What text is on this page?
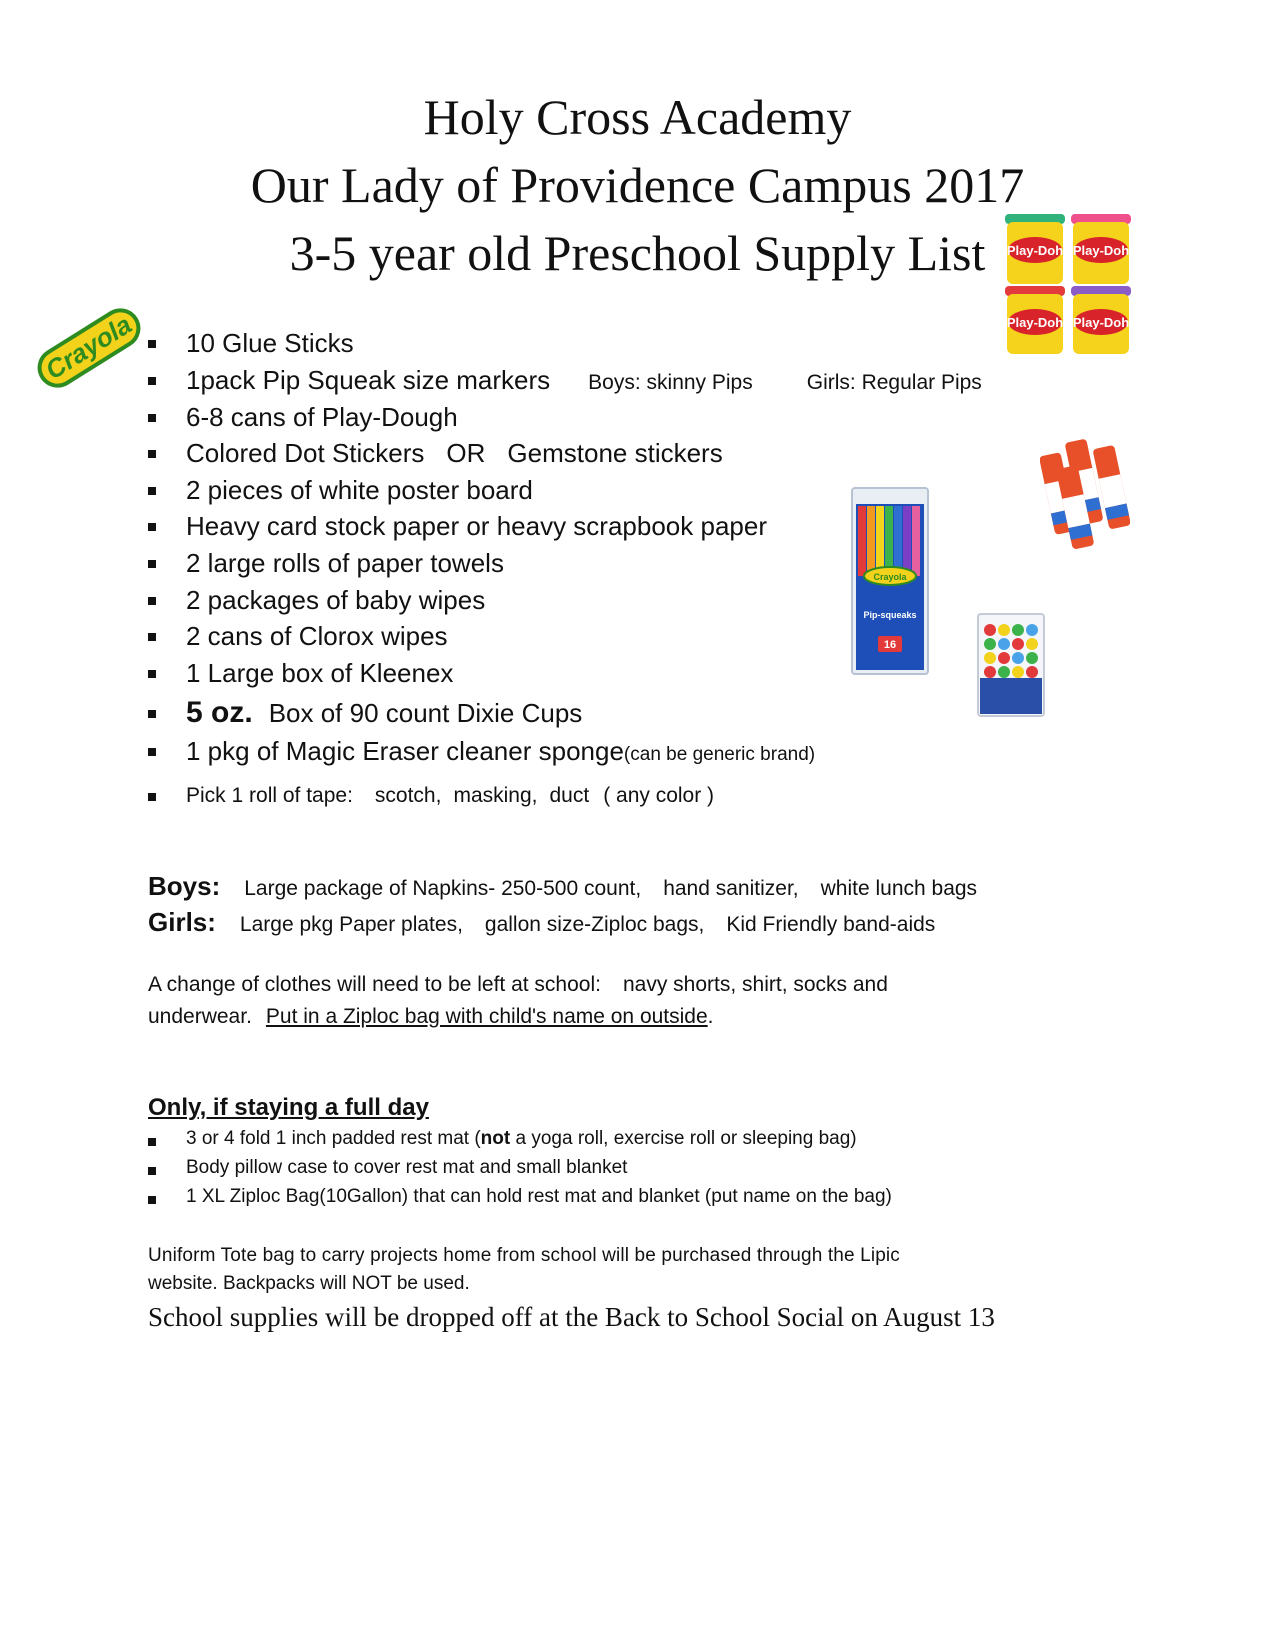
Holy Cross Academy
Our Lady of Providence Campus 2017
3-5 year old Preschool Supply List
Crayola
Play-Doh Play-Doh
Play-Doh Play-Doh
Crayola
Pip-squeaks
16
10 Glue Sticks
1pack Pip Squeak size markers Boys: skinny Pips	Girls: Regular Pips
6-8 cans of Play-Dough
Colored Dot Stickers OR Gemstone stickers
2 pieces of white poster board
Heavy card stock paper or heavy scrapbook paper
2 large rolls of paper towels
2 packages of baby wipes
2 cans of Clorox wipes
1 Large box of Kleenex
5 oz. Box of 90 count Dixie Cups
1 pkg of Magic Eraser cleaner sponge(can be generic brand)
Pick 1 roll of tape: scotch, masking, duct ( any color )
Boys: Large package of Napkins- 250-500 count, hand sanitizer, white lunch bags
Girls: Large pkg Paper plates, gallon size-Ziploc bags, Kid Friendly band-aids
A change of clothes will need to be left at school: navy shorts, shirt, socks and
underwear. Put in a Ziploc bag with child's name on outside.
Only, if staying a full day
3 or 4 fold 1 inch padded rest mat (not a yoga roll, exercise roll or sleeping bag)
Body pillow case to cover rest mat and small blanket
1 XL Ziploc Bag(10Gallon) that can hold rest mat and blanket (put name on the bag)
Uniform Tote bag to carry projects home from school will be purchased through the Lipic
website. Backpacks will NOT be used.
School supplies will be dropped off at the Back to School Social on August 13
